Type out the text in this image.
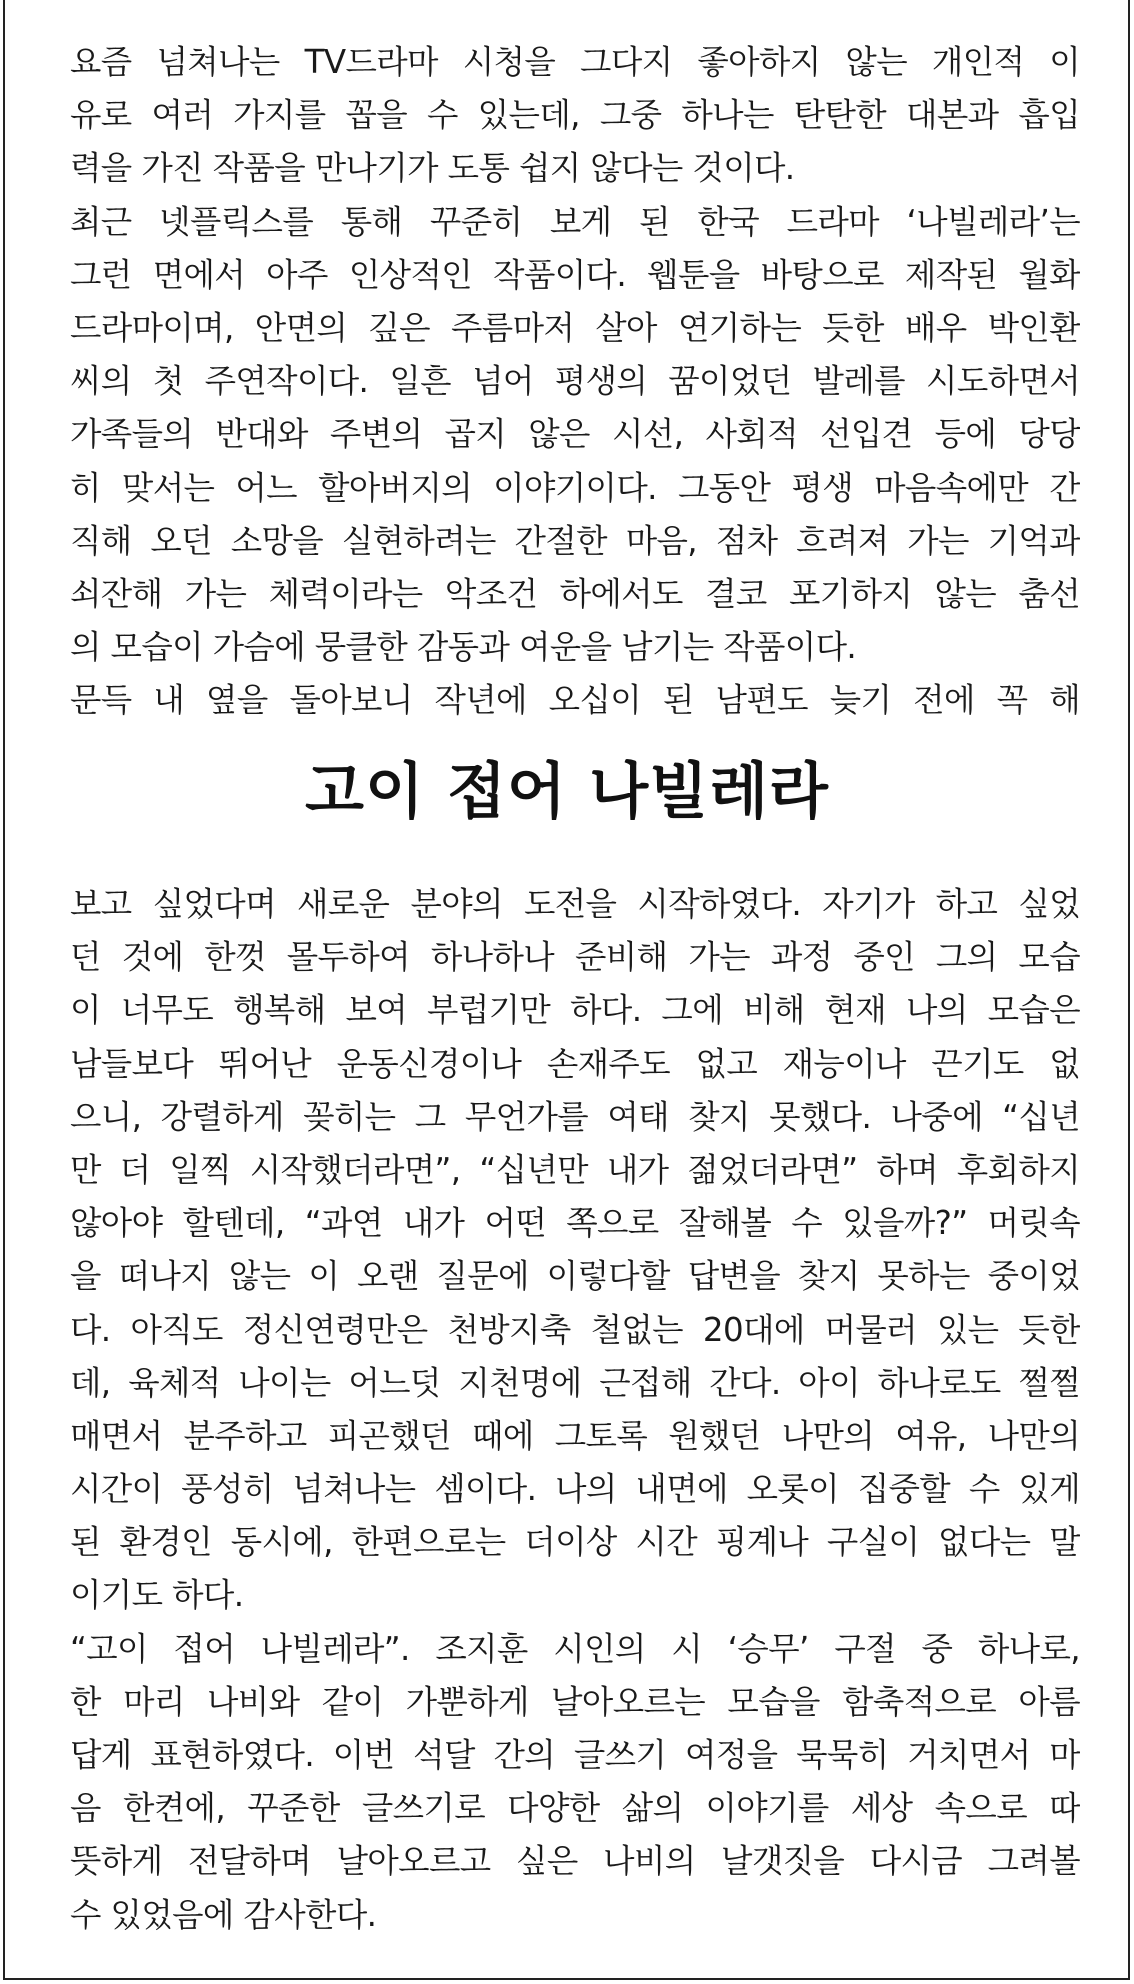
요즘 넘쳐나는 TV드라마 시청을 그다지 좋아하지 않는 개인적 이
유로 여러 가지를 꼽을 수 있는데, 그중 하나는 탄탄한 대본과 흡입
력을 가진 작품을 만나기가 도통 쉽지 않다는 것이다.
최근 넷플릭스를 통해 꾸준히 보게 된 한국 드라마 ‘나빌레라’는
그런 면에서 아주 인상적인 작품이다. 웹툰을 바탕으로 제작된 월화
드라마이며, 안면의 깊은 주름마저 살아 연기하는 듯한 배우 박인환
씨의 첫 주연작이다. 일흔 넘어 평생의 꿈이었던 발레를 시도하면서
가족들의 반대와 주변의 곱지 않은 시선, 사회적 선입견 등에 당당
히 맞서는 어느 할아버지의 이야기이다. 그동안 평생 마음속에만 간
직해 오던 소망을 실현하려는 간절한 마음, 점차 흐려져 가는 기억과
쇠잔해 가는 체력이라는 악조건 하에서도 결코 포기하지 않는 춤선
의 모습이 가슴에 뭉클한 감동과 여운을 남기는 작품이다.
문득 내 옆을 돌아보니 작년에 오십이 된 남편도 늦기 전에 꼭 해
고이 접어 나빌레라
보고 싶었다며 새로운 분야의 도전을 시작하였다. 자기가 하고 싶었
던 것에 한껏 몰두하여 하나하나 준비해 가는 과정 중인 그의 모습
이 너무도 행복해 보여 부럽기만 하다. 그에 비해 현재 나의 모습은
남들보다 뛰어난 운동신경이나 손재주도 없고 재능이나 끈기도 없
으니, 강렬하게 꽂히는 그 무언가를 여태 찾지 못했다. 나중에 “십년
만 더 일찍 시작했더라면”, “십년만 내가 젊었더라면” 하며 후회하지
않아야 할텐데, “과연 내가 어떤 쪽으로 잘해볼 수 있을까?” 머릿속
을 떠나지 않는 이 오랜 질문에 이렇다할 답변을 찾지 못하는 중이었
다. 아직도 정신연령만은 천방지축 철없는 20대에 머물러 있는 듯한
데, 육체적 나이는 어느덧 지천명에 근접해 간다. 아이 하나로도 쩔쩔
매면서 분주하고 피곤했던 때에 그토록 원했던 나만의 여유, 나만의
시간이 풍성히 넘쳐나는 셈이다. 나의 내면에 오롯이 집중할 수 있게
된 환경인 동시에, 한편으로는 더이상 시간 핑계나 구실이 없다는 말
이기도 하다.
“고이 접어 나빌레라”. 조지훈 시인의 시 ‘승무’ 구절 중 하나로,
한 마리 나비와 같이 가뿐하게 날아오르는 모습을 함축적으로 아름
답게 표현하였다. 이번 석달 간의 글쓰기 여정을 묵묵히 거치면서 마
음 한켠에, 꾸준한 글쓰기로 다양한 삶의 이야기를 세상 속으로 따
뜻하게 전달하며 날아오르고 싶은 나비의 날갯짓을 다시금 그려볼
수 있었음에 감사한다.
